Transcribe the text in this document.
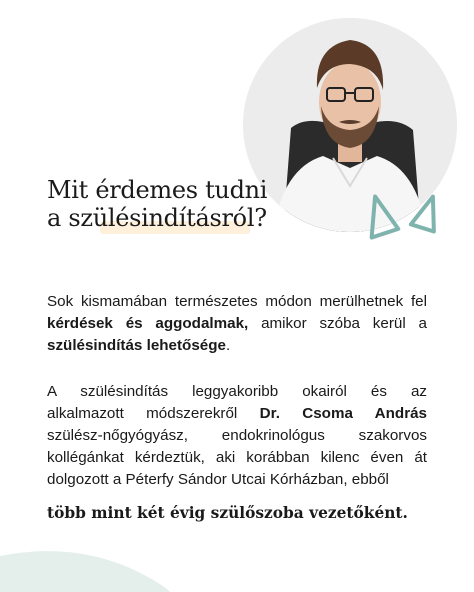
Mit érdemes tudni
a szülésindításról?

Sok kismamában természetes módon merülhetnek fel kérdések és aggodalmak, amikor szóba kerül a szülésindítás lehetősége.

A szülésindítás leggyakoribb okairól és az
alkalmazott módszerekről Dr. Csoma András
szülész-nőgyógyász, endokrinológus szakorvos
kollégánkat kérdeztük, aki korábban kilenc éven át
dolgozott a Péterfy Sándor Utcai Kórházban, ebből

több mint két évig szülőszoba vezetőként.
